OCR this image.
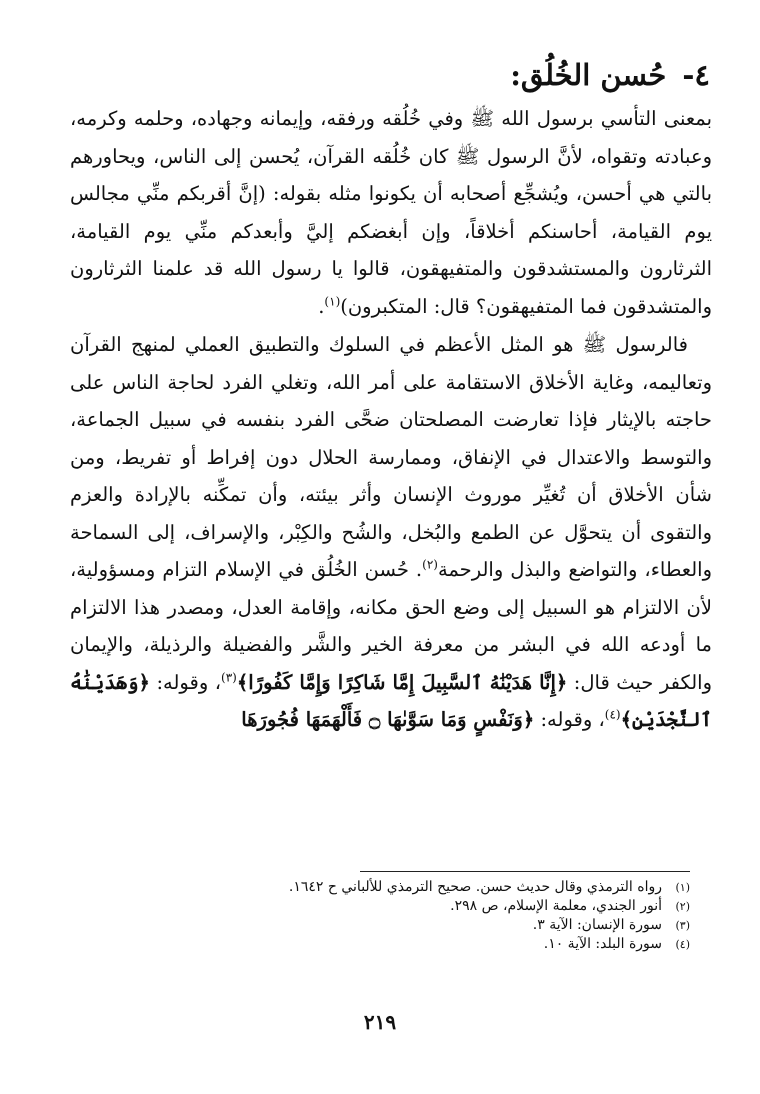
٤- حُسن الخُلُق:

بمعنى التأسي برسول الله ﷺ وفي خُلُقه ورفقه، وإيمانه وجهاده، وحلمه وكرمه، وعبادته وتقواه، لأنَّ الرسول ﷺ كان خُلُقه القرآن، يُحسن إلى الناس، ويحاورهم بالتي هي أحسن، ويُشجِّع أصحابه أن يكونوا مثله بقوله: (إنَّ أقربكم منِّي مجالس يوم القيامة، أحاسنكم أخلاقاً، وإن أبغضكم إليَّ وأبعدكم منِّي يوم القيامة، الثرثارون والمستشدقون والمتفيهقون، قالوا يا رسول الله قد علمنا الثرثارون والمتشدقون فما المتفيهقون؟ قال: المتكبرون)$^{(١)}$.

فالرسول ﷺ هو المثل الأعظم في السلوك والتطبيق العملي لمنهج القرآن وتعاليمه، وغاية الأخلاق الاستقامة على أمر الله، وتغلي الفرد لحاجة الناس على حاجته بالإيثار فإذا تعارضت المصلحتان ضحَّى الفرد بنفسه في سبيل الجماعة، والتوسط والاعتدال في الإنفاق، وممارسة الحلال دون إفراط أو تفريط، ومن شأن الأخلاق أن تُغيِّر موروث الإنسان وأثر بيئته، وأن تمكِّنه بالإرادة والعزم والتقوى أن يتحوَّل عن الطمع والبُخل، والشُح والكِبْر، والإسراف، إلى السماحة والعطاء، والتواضع والبذل والرحمة$^{(٢)}$. حُسن الخُلُق في الإسلام التزام ومسؤولية، لأن الالتزام هو السبيل إلى وضع الحق مكانه، وإقامة العدل، ومصدر هذا الالتزام ما أودعه الله في البشر من معرفة الخير والشَّر والفضيلة والرذيلة، والإيمان والكفر حيث قال: ﴿إِنَّا هَدَيْنَٰهُ ٱلسَّبِيلَ إِمَّا شَاكِرًا وَإِمَّا كَفُورًا﴾$^{(٣)}$، وقوله: ﴿وَهَدَيْنَٰهُ ٱلنَّجْدَيْنِ﴾$^{(٤)}$، وقوله: ﴿وَنَفْسٍ وَمَا سَوَّىٰهَا ۝ فَأَلْهَمَهَا فُجُورَهَا

(١)
رواه الترمذي وقال حديث حسن. صحيح الترمذي للألباني ح ١٦٤٢.
(٢)
أنور الجندي، معلمة الإسلام، ص ٢٩٨.
(٣)
سورة الإنسان: الآية ٣.
(٤)
سورة البلد: الآية ١٠.
٢١٩
